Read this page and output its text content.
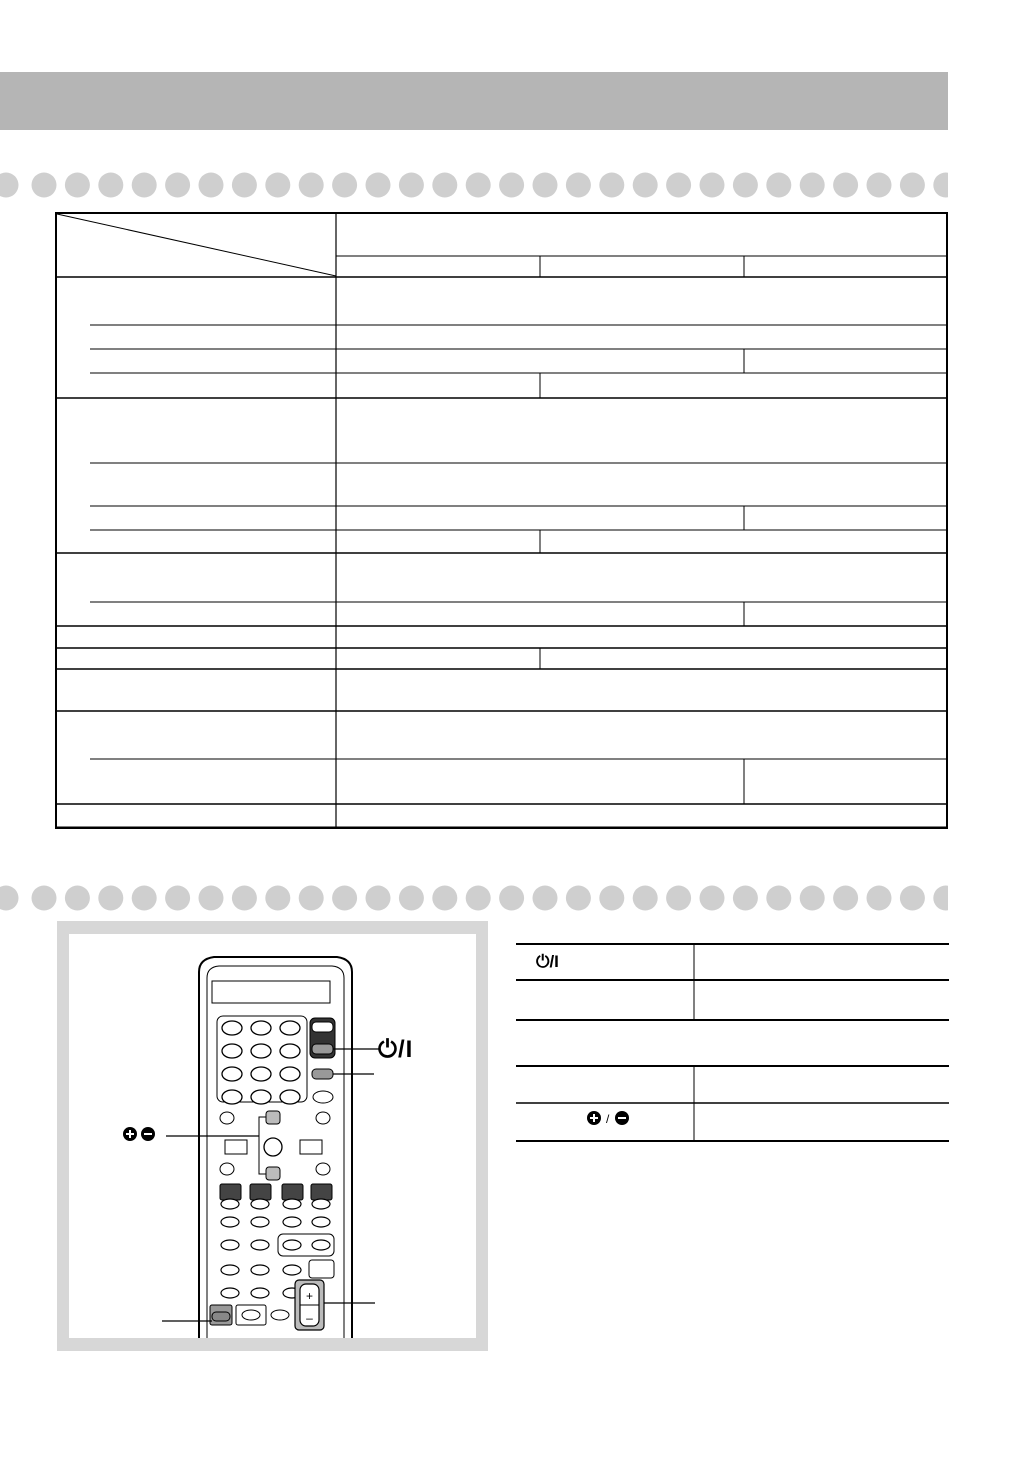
+
–
⏻/I
⏻/I
/
